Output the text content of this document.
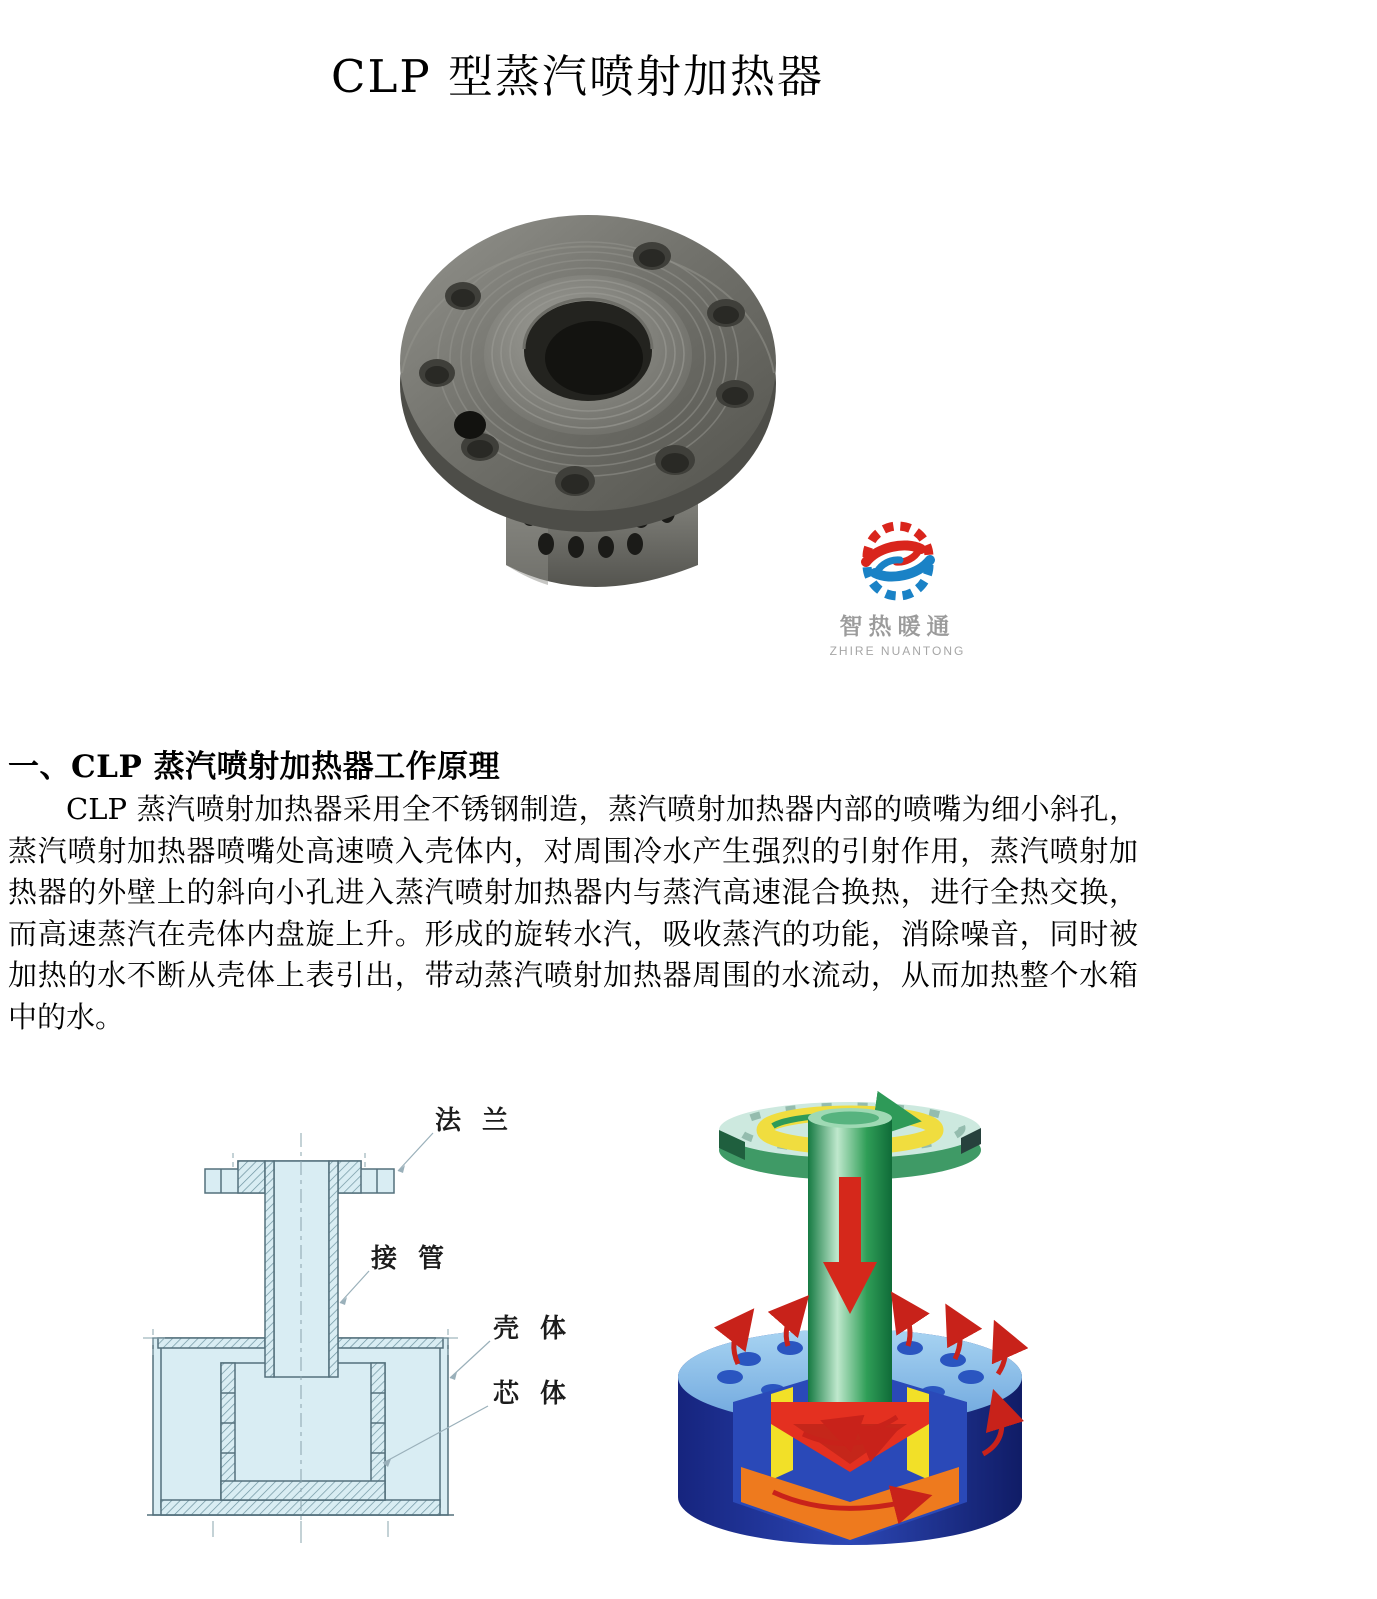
CLP 型蒸汽喷射加热器
智热暖通
ZHIRE NUANTONG
一、CLP 蒸汽喷射加热器工作原理

CLP 蒸汽喷射加热器采用全不锈钢制造，蒸汽喷射加热器内部的喷嘴为细小斜孔，蒸汽喷射加热器喷嘴处高速喷入壳体内，对周围冷水产生强烈的引射作用，蒸汽喷射加热器的外壁上的斜向小孔进入蒸汽喷射加热器内与蒸汽高速混合换热，进行全热交换，而高速蒸汽在壳体内盘旋上升。形成的旋转水汽，吸收蒸汽的功能，消除噪音，同时被加热的水不断从壳体上表引出，带动蒸汽喷射加热器周围的水流动，从而加热整个水箱中的水。

法 兰
接 管
壳 体
芯 体
